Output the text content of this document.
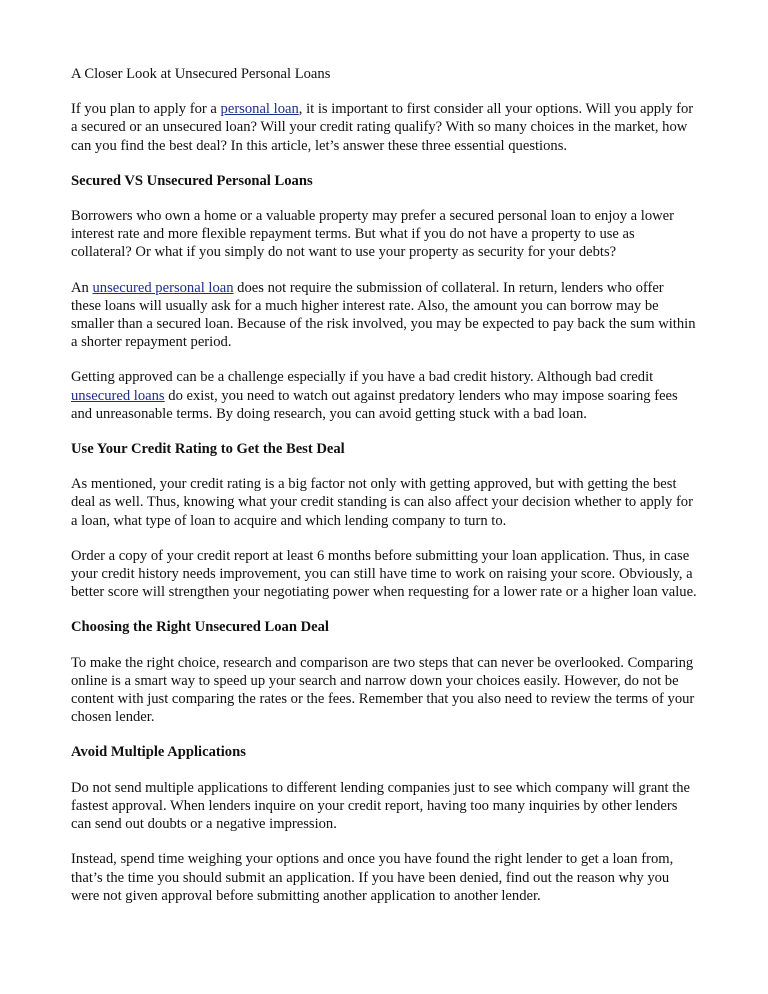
A Closer Look at Unsecured Personal Loans

If you plan to apply for a personal loan, it is important to first consider all your options. Will you apply for a secured or an unsecured loan? Will your credit rating qualify? With so many choices in the market, how can you find the best deal? In this article, let’s answer these three essential questions.

Secured VS Unsecured Personal Loans

Borrowers who own a home or a valuable property may prefer a secured personal loan to enjoy a lower interest rate and more flexible repayment terms. But what if you do not have a property to use as collateral? Or what if you simply do not want to use your property as security for your debts?

An unsecured personal loan does not require the submission of collateral. In return, lenders who offer these loans will usually ask for a much higher interest rate. Also, the amount you can borrow may be smaller than a secured loan. Because of the risk involved, you may be expected to pay back the sum within a shorter repayment period.

Getting approved can be a challenge especially if you have a bad credit history. Although bad credit unsecured loans do exist, you need to watch out against predatory lenders who may impose soaring fees and unreasonable terms. By doing research, you can avoid getting stuck with a bad loan.

Use Your Credit Rating to Get the Best Deal

As mentioned, your credit rating is a big factor not only with getting approved, but with getting the best deal as well. Thus, knowing what your credit standing is can also affect your decision whether to apply for a loan, what type of loan to acquire and which lending company to turn to.

Order a copy of your credit report at least 6 months before submitting your loan application. Thus, in case your credit history needs improvement, you can still have time to work on raising your score. Obviously, a better score will strengthen your negotiating power when requesting for a lower rate or a higher loan value.

Choosing the Right Unsecured Loan Deal

To make the right choice, research and comparison are two steps that can never be overlooked. Comparing online is a smart way to speed up your search and narrow down your choices easily. However, do not be content with just comparing the rates or the fees. Remember that you also need to review the terms of your chosen lender.

Avoid Multiple Applications

Do not send multiple applications to different lending companies just to see which company will grant the fastest approval. When lenders inquire on your credit report, having too many inquiries by other lenders can send out doubts or a negative impression.

Instead, spend time weighing your options and once you have found the right lender to get a loan from, that’s the time you should submit an application. If you have been denied, find out the reason why you were not given approval before submitting another application to another lender.
